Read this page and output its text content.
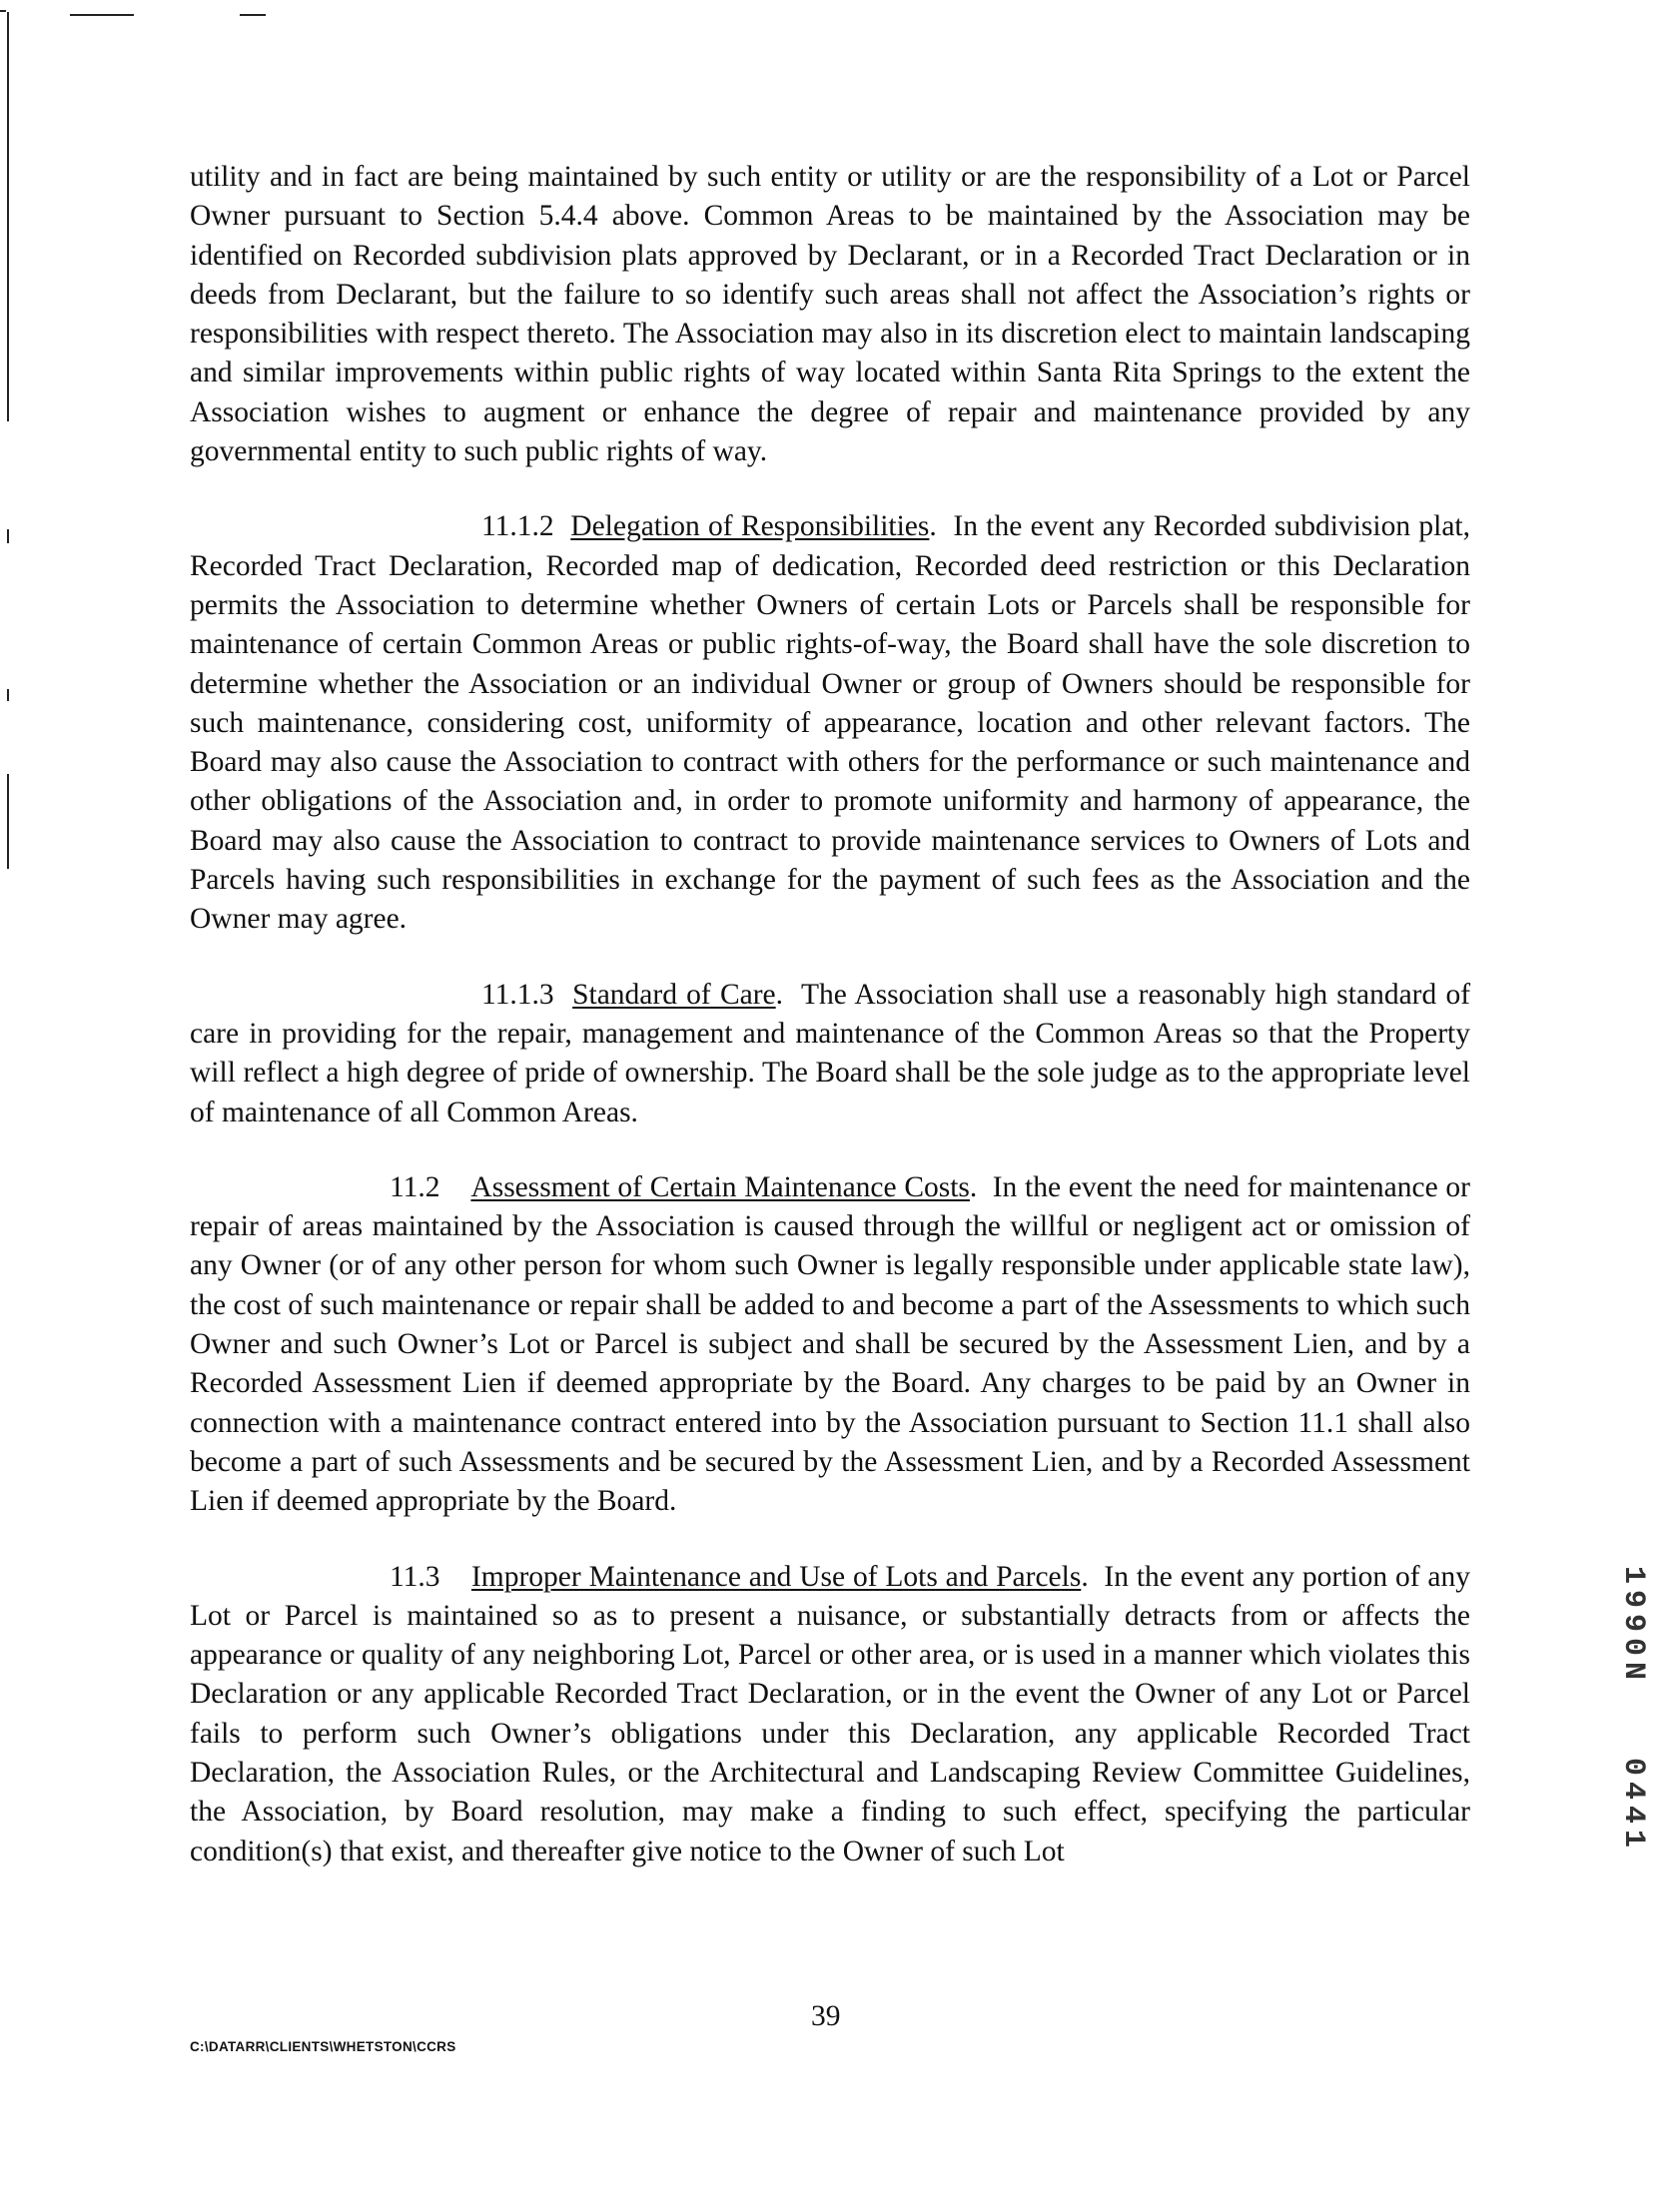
utility and in fact are being maintained by such entity or utility or are the responsibility of a Lot or Parcel Owner pursuant to Section 5.4.4 above. Common Areas to be maintained by the Association may be identified on Recorded subdivision plats approved by Declarant, or in a Recorded Tract Declaration or in deeds from Declarant, but the failure to so identify such areas shall not affect the Association’s rights or responsibilities with respect thereto. The Association may also in its discretion elect to maintain landscaping and similar improvements within public rights of way located within Santa Rita Springs to the extent the Association wishes to augment or enhance the degree of repair and maintenance provided by any governmental entity to such public rights of way.

11.1.2 Delegation of Responsibilities.  In the event any Recorded subdivision plat, Recorded Tract Declaration, Recorded map of dedication, Recorded deed restriction or this Declaration permits the Association to determine whether Owners of certain Lots or Parcels shall be responsible for maintenance of certain Common Areas or public rights-of-way, the Board shall have the sole discretion to determine whether the Association or an individual Owner or group of Owners should be responsible for such maintenance, considering cost, uniformity of appearance, location and other relevant factors. The Board may also cause the Association to contract with others for the performance or such maintenance and other obligations of the Association and, in order to promote uniformity and harmony of appearance, the Board may also cause the Association to contract to provide maintenance services to Owners of Lots and Parcels having such responsibilities in exchange for the payment of such fees as the Association and the Owner may agree.

11.1.3 Standard of Care.  The Association shall use a reasonably high standard of care in providing for the repair, management and maintenance of the Common Areas so that the Property will reflect a high degree of pride of ownership. The Board shall be the sole judge as to the appropriate level of maintenance of all Common Areas.

11.2 Assessment of Certain Maintenance Costs.  In the event the need for maintenance or repair of areas maintained by the Association is caused through the willful or negligent act or omission of any Owner (or of any other person for whom such Owner is legally responsible under applicable state law), the cost of such maintenance or repair shall be added to and become a part of the Assessments to which such Owner and such Owner’s Lot or Parcel is subject and shall be secured by the Assessment Lien, and by a Recorded Assessment Lien if deemed appropriate by the Board. Any charges to be paid by an Owner in connection with a maintenance contract entered into by the Association pursuant to Section 11.1 shall also become a part of such Assessments and be secured by the Assessment Lien, and by a Recorded Assessment Lien if deemed appropriate by the Board.

11.3 Improper Maintenance and Use of Lots and Parcels.  In the event any portion of any Lot or Parcel is maintained so as to present a nuisance, or substantially detracts from or affects the appearance or quality of any neighboring Lot, Parcel or other area, or is used in a manner which violates this Declaration or any applicable Recorded Tract Declaration, or in the event the Owner of any Lot or Parcel fails to perform such Owner’s obligations under this Declaration, any applicable Recorded Tract Declaration, the Association Rules, or the Architectural and Landscaping Review Committee Guidelines, the Association, by Board resolution, may make a finding to such effect, specifying the particular condition(s) that exist, and thereafter give notice to the Owner of such Lot

39
C:\DATARR\CLIENTS\WHETSTON\CCRS
1990N
0441
